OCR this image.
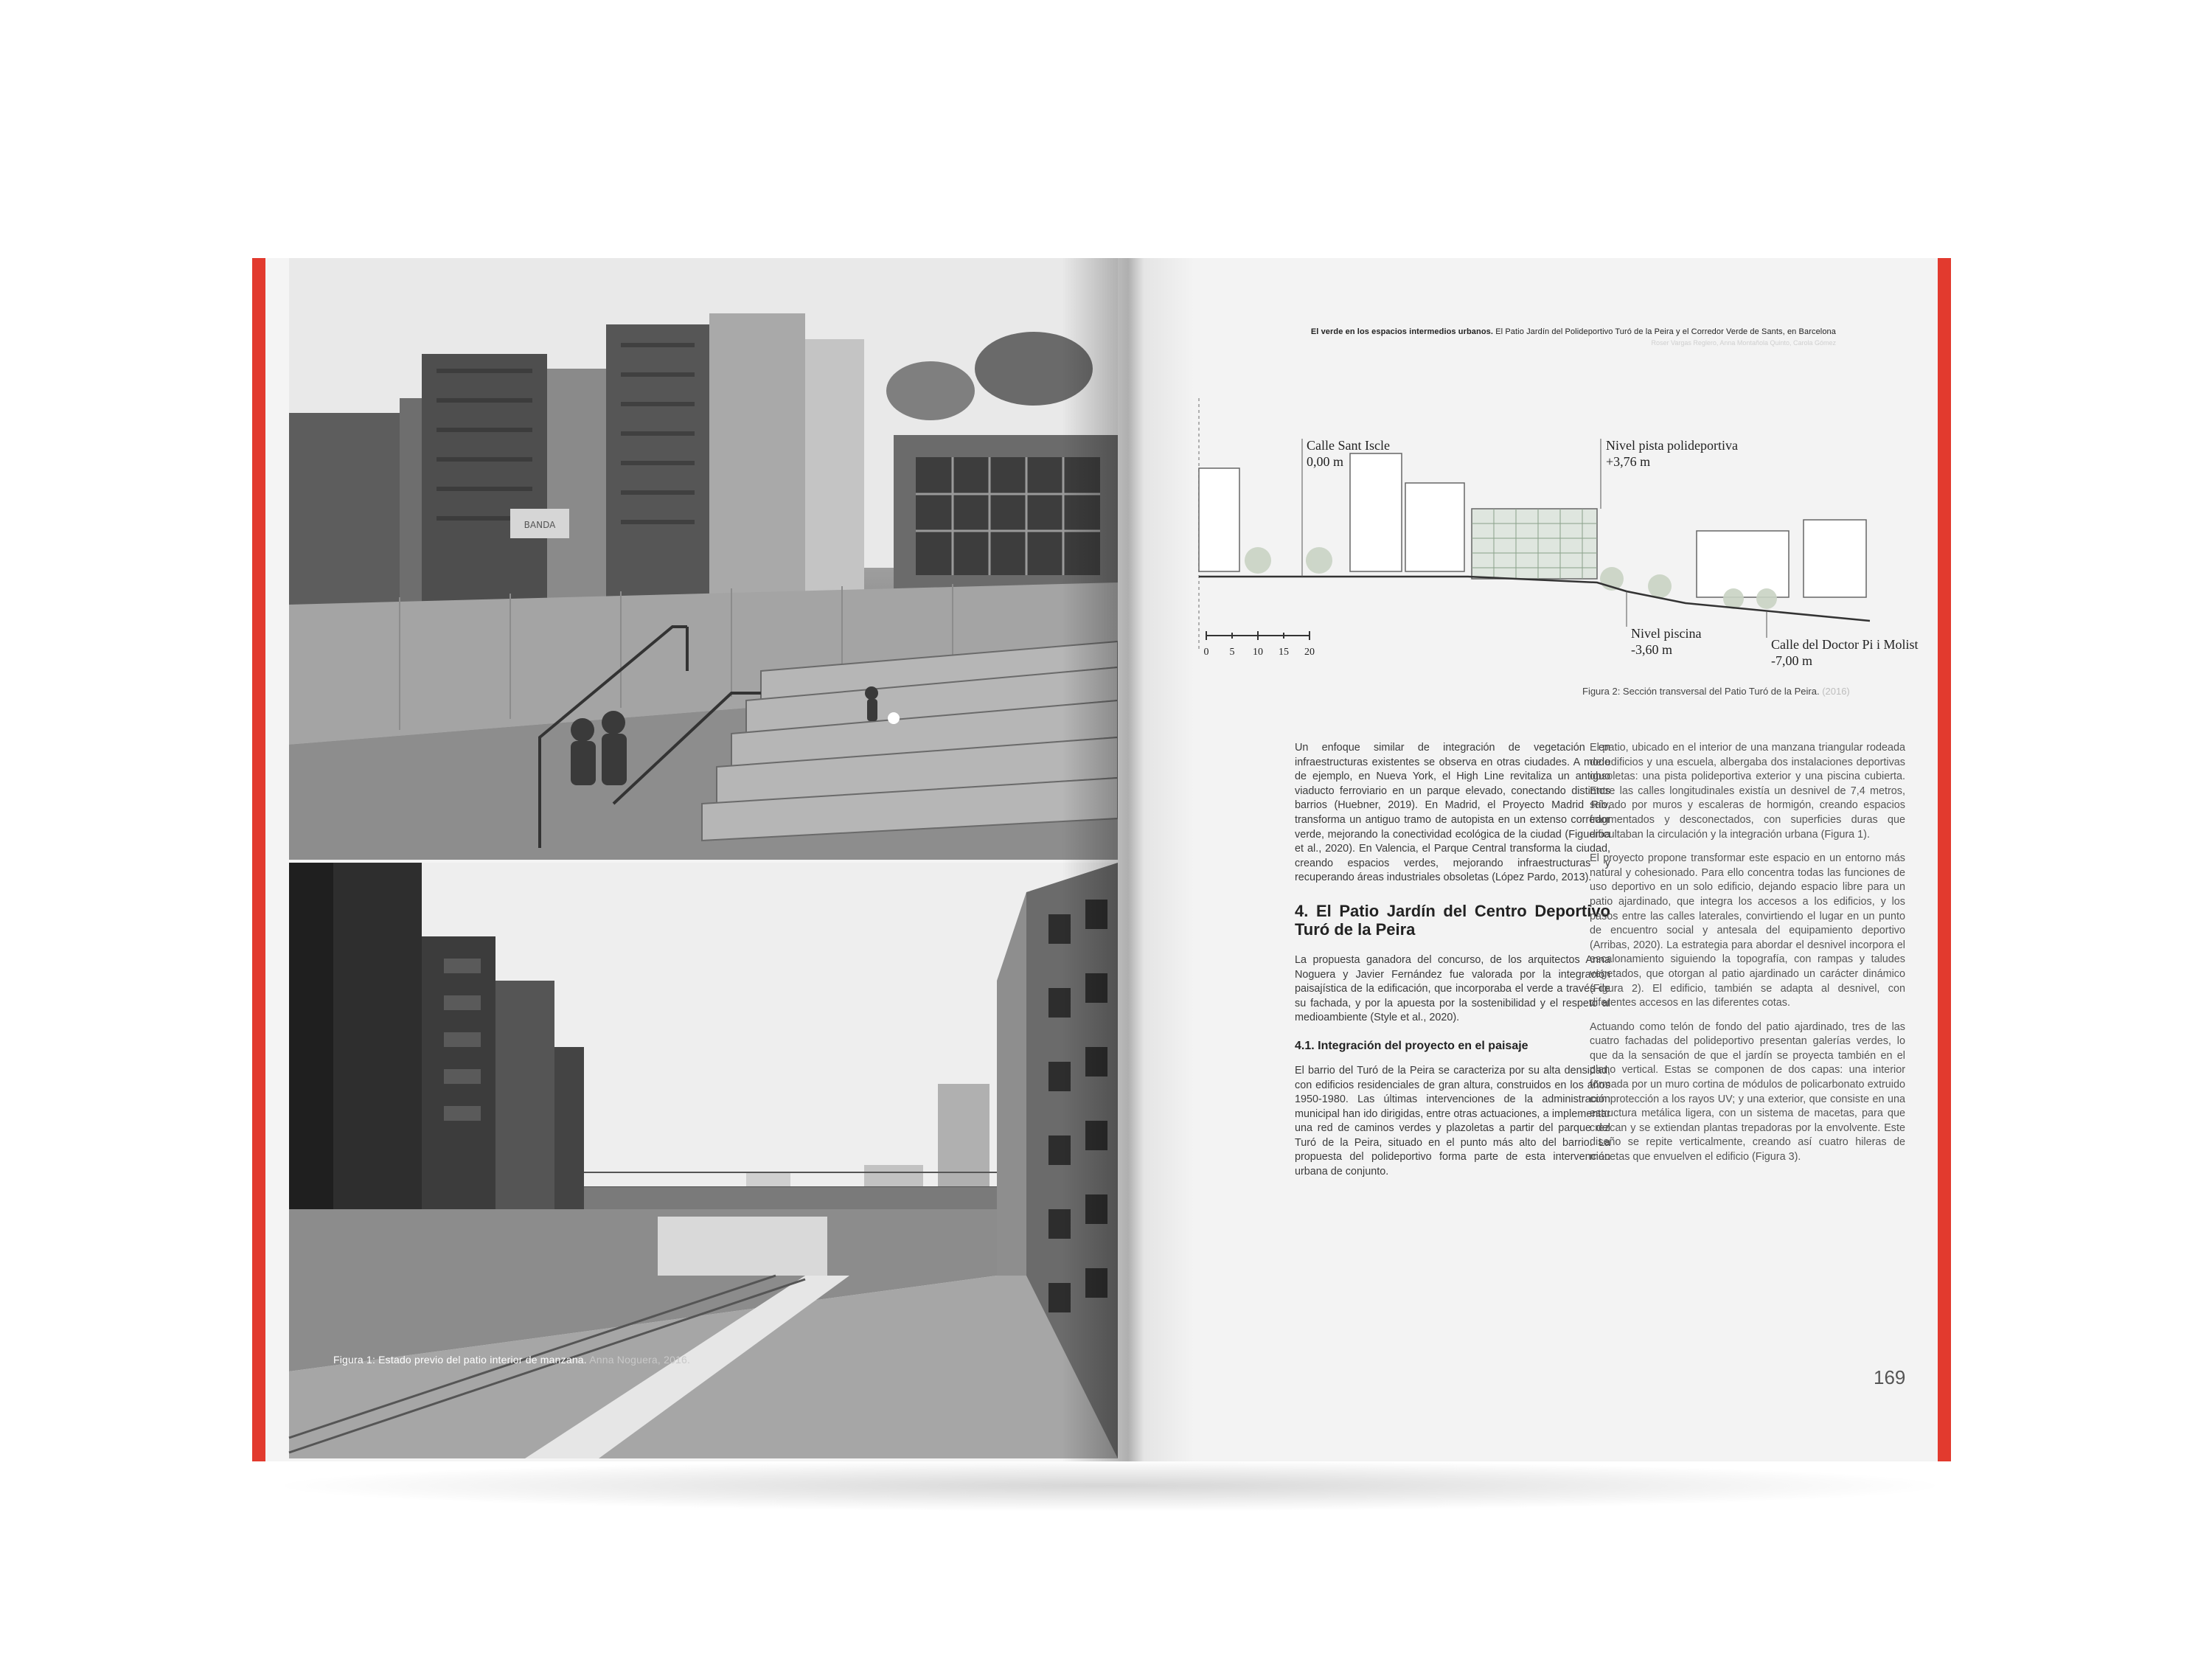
BANDA
Figura 1: Estado previo del patio interior de manzana. Anna Noguera, 2016.
El verde en los espacios intermedios urbanos. El Patio Jardín del Polideportivo Turó de la Peira y el Corredor Verde de Sants, en Barcelona
Roser Vargas Reglero, Anna Montañola Quinto, Carola Gómez
Calle Sant Iscle
0,00 m
Nivel pista polideportiva
+3,76 m
Nivel piscina
-3,60 m	Calle del Doctor Pi i Molist
-7,00 m
0 5 10 15 20
Figura 2: Sección transversal del Patio Turó de la Peira. (2016)

Un enfoque similar de integración de vegetación en infraestructuras existentes se observa en otras ciudades. A modo de ejemplo, en Nueva York, el High Line revitaliza un antiguo viaducto ferroviario en un parque elevado, conectando distintos barrios (Huebner, 2019). En Madrid, el Proyecto Madrid Río, transforma un antiguo tramo de autopista en un extenso corredor verde, mejorando la conectividad ecológica de la ciudad (Figueroa et al., 2020). En Valencia, el Parque Central transforma la ciudad, creando espacios verdes, mejorando infraestructuras y recuperando áreas industriales obsoletas (López Pardo, 2013).

4. El Patio Jardín del Centro Deportivo Turó de la Peira

La propuesta ganadora del concurso, de los arquitectos Anna Noguera y Javier Fernández fue valorada por la integración paisajística de la edificación, que incorporaba el verde a través de su fachada, y por la apuesta por la sostenibilidad y el respeto al medioambiente (Style et al., 2020).

4.1. Integración del proyecto en el paisaje

El barrio del Turó de la Peira se caracteriza por su alta densidad, con edificios residenciales de gran altura, construidos en los años 1950-1980. Las últimas intervenciones de la administración municipal han ido dirigidas, entre otras actuaciones, a implementar una red de caminos verdes y plazoletas a partir del parque del Turó de la Peira, situado en el punto más alto del barrio. La propuesta del polideportivo forma parte de esta intervención urbana de conjunto.

El patio, ubicado en el interior de una manzana triangular rodeada de edificios y una escuela, albergaba dos instalaciones deportivas obsoletas: una pista polideportiva exterior y una piscina cubierta. Entre las calles longitudinales existía un desnivel de 7,4 metros, salvado por muros y escaleras de hormigón, creando espacios fragmentados y desconectados, con superficies duras que dificultaban la circulación y la integración urbana (Figura 1).

El proyecto propone transformar este espacio en un entorno más natural y cohesionado. Para ello concentra todas las funciones de uso deportivo en un solo edificio, dejando espacio libre para un patio ajardinado, que integra los accesos a los edificios, y los pasos entre las calles laterales, convirtiendo el lugar en un punto de encuentro social y antesala del equipamiento deportivo (Arribas, 2020). La estrategia para abordar el desnivel incorpora el escalonamiento siguiendo la topografía, con rampas y taludes vegetados, que otorgan al patio ajardinado un carácter dinámico (Figura 2). El edificio, también se adapta al desnivel, con diferentes accesos en las diferentes cotas.

Actuando como telón de fondo del patio ajardinado, tres de las cuatro fachadas del polideportivo presentan galerías verdes, lo que da la sensación de que el jardín se proyecta también en el plano vertical. Estas se componen de dos capas: una interior formada por un muro cortina de módulos de policarbonato extruido con protección a los rayos UV; y una exterior, que consiste en una estructura metálica ligera, con un sistema de macetas, para que crezcan y se extiendan plantas trepadoras por la envolvente. Este diseño se repite verticalmente, creando así cuatro hileras de macetas que envuelven el edificio (Figura 3).

169
